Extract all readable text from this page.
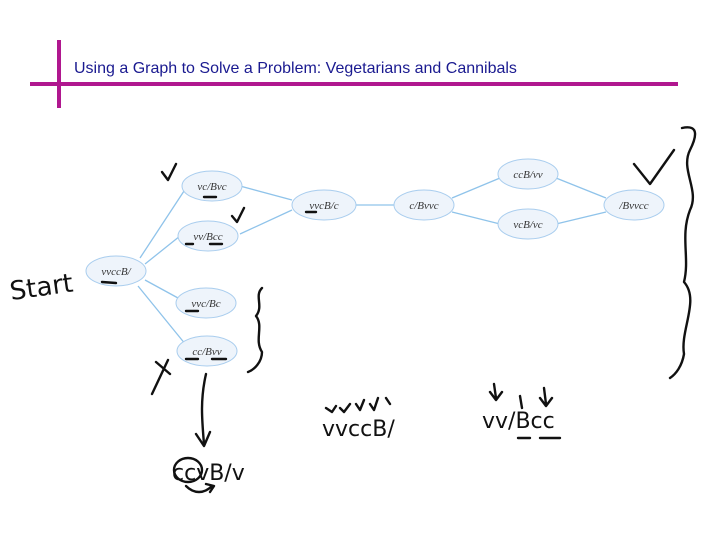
Using a Graph to Solve a Problem: Vegetarians and Cannibals
vvccB/
vc/Bvc
vv/Bcc
vvc/Bc
cc/Bvv
vvcB/c	c/Bvvc
ccB/vv
vcB/vc
/Bvvcc
Start
ccvB/v
vvccB/	vv/Bcc
